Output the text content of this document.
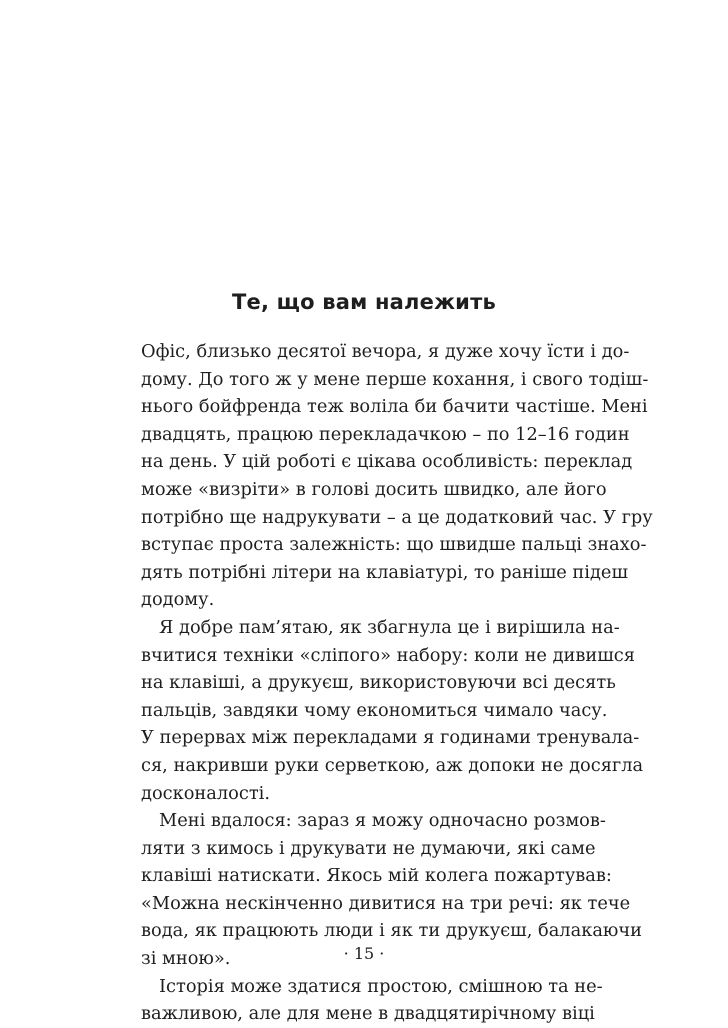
Те, що вам належить

Офіс, близько десятої вечора, я дуже хочу їсти і до-
дому. До того ж у мене перше кохання, і свого тодіш-
нього бойфренда теж воліла би бачити частіше. Мені
двадцять, працюю перекладачкою – по 12–16 годин
на день. У цій роботі є цікава особливість: переклад
може «визріти» в голові досить швидко, але його
потрібно ще надрукувати – а це додатковий час. У гру
вступає проста залежність: що швидше пальці знахо-
дять потрібні літери на клавіатурі, то раніше підеш
додому.

Я добре пам’ятаю, як збагнула це і вирішила на-
вчитися техніки «сліпого» набору: коли не дивишся
на клавіші, а друкуєш, використовуючи всі десять
пальців, завдяки чому економиться чимало часу.
У перервах між перекладами я годинами тренувала-
ся, накривши руки серветкою, аж допоки не досягла
досконалості.

Мені вдалося: зараз я можу одночасно розмов-
ляти з кимось і друкувати не думаючи, які саме
клавіші натискати. Якось мій колега пожартував:
«Можна нескінченно дивитися на три речі: як тече
вода, як працюють люди і як ти друкуєш, балакаючи
зі мною».

Історія може здатися простою, смішною та не-
важливою, але для мене в двадцятирічному віці

· 15 ·
